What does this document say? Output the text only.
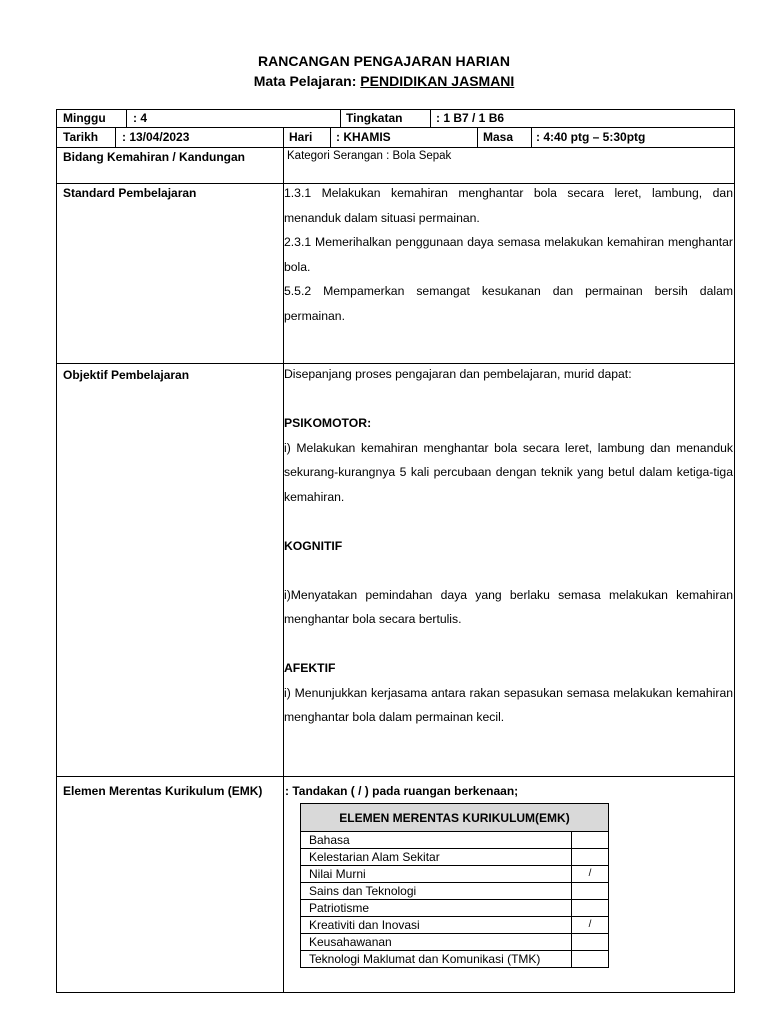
RANCANGAN PENGAJARAN HARIAN
Mata Pelajaran: PENDIDIKAN JASMANI
Minggu : 4	Tingkatan	: 1 B7 / 1 B6
Tarikh : 13/04/2023	Hari : KHAMIS	Masa : 4:40 ptg – 5:30ptg
Bidang Kemahiran / Kandungan	Kategori Serangan : Bola Sepak
Standard Pembelajaran	1.3.1 Melakukan kemahiran menghantar bola secara leret, lambung, dan menanduk dalam situasi permainan.

2.3.1 Memerihalkan penggunaan daya semasa melakukan kemahiran menghantar bola.

5.5.2 Mempamerkan semangat kesukanan dan permainan bersih dalam permainan.

Objektif Pembelajaran	Disepanjang proses pengajaran dan pembelajaran, murid dapat:

PSIKOMOTOR:

i) Melakukan kemahiran menghantar bola secara leret, lambung dan menanduk sekurang-kurangnya 5 kali percubaan dengan teknik yang betul dalam ketiga-tiga kemahiran.

KOGNITIF

i)Menyatakan pemindahan daya yang berlaku semasa melakukan kemahiran menghantar bola secara bertulis.

AFEKTIF

i) Menunjukkan kerjasama antara rakan sepasukan semasa melakukan kemahiran menghantar bola dalam permainan kecil.

Elemen Merentas Kurikulum (EMK) : Tandakan ( / ) pada ruangan berkenaan;
ELEMEN MERENTAS KURIKULUM(EMK)	
Bahasa	
Kelestarian Alam Sekitar	
Nilai Murni	/
Sains dan Teknologi	
Patriotisme	
Kreativiti dan Inovasi	/
Keusahawanan	
Teknologi Maklumat dan Komunikasi (TMK)	
